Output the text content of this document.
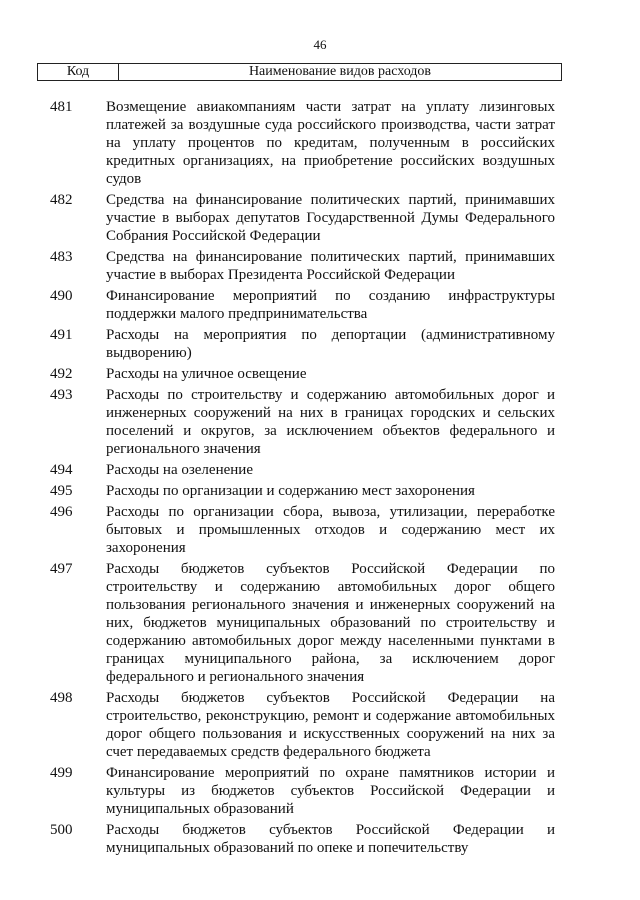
46
Код	Наименование видов расходов
481	Возмещение авиакомпаниям части затрат на уплату лизинговых платежей за воздушные суда российского производства, части затрат на уплату процентов по кредитам, полученным в российских кредитных организациях, на приобретение российских воздушных судов
482	Средства на финансирование политических партий, принимавших участие в выборах депутатов Государственной Думы Федерального Собрания Российской Федерации
483	Средства на финансирование политических партий, принимавших участие в выборах Президента Российской Федерации
490	Финансирование мероприятий по созданию инфраструктуры поддержки малого предпринимательства
491	Расходы на мероприятия по депортации (административному выдворению)
492	Расходы на уличное освещение
493	Расходы по строительству и содержанию автомобильных дорог и инженерных сооружений на них в границах городских и сельских поселений и округов, за исключением объектов федерального и регионального значения
494	Расходы на озеленение
495	Расходы по организации и содержанию мест захоронения
496	Расходы по организации сбора, вывоза, утилизации, переработке бытовых и промышленных отходов и содержанию мест их захоронения
497	Расходы бюджетов субъектов Российской Федерации по строительству и содержанию автомобильных дорог общего пользования регионального значения и инженерных сооружений на них, бюджетов муниципальных образований по строительству и содержанию автомобильных дорог между населенными пунктами в границах муниципального района, за исключением дорог федерального и регионального значения
498	Расходы бюджетов субъектов Российской Федерации на строительство, реконструкцию, ремонт и содержание автомобильных дорог общего пользования и искусственных сооружений на них за счет передаваемых средств федерального бюджета
499	Финансирование мероприятий по охране памятников истории и культуры из бюджетов субъектов Российской Федерации и муниципальных образований
500	Расходы бюджетов субъектов Российской Федерации и муниципальных образований по опеке и попечительству
